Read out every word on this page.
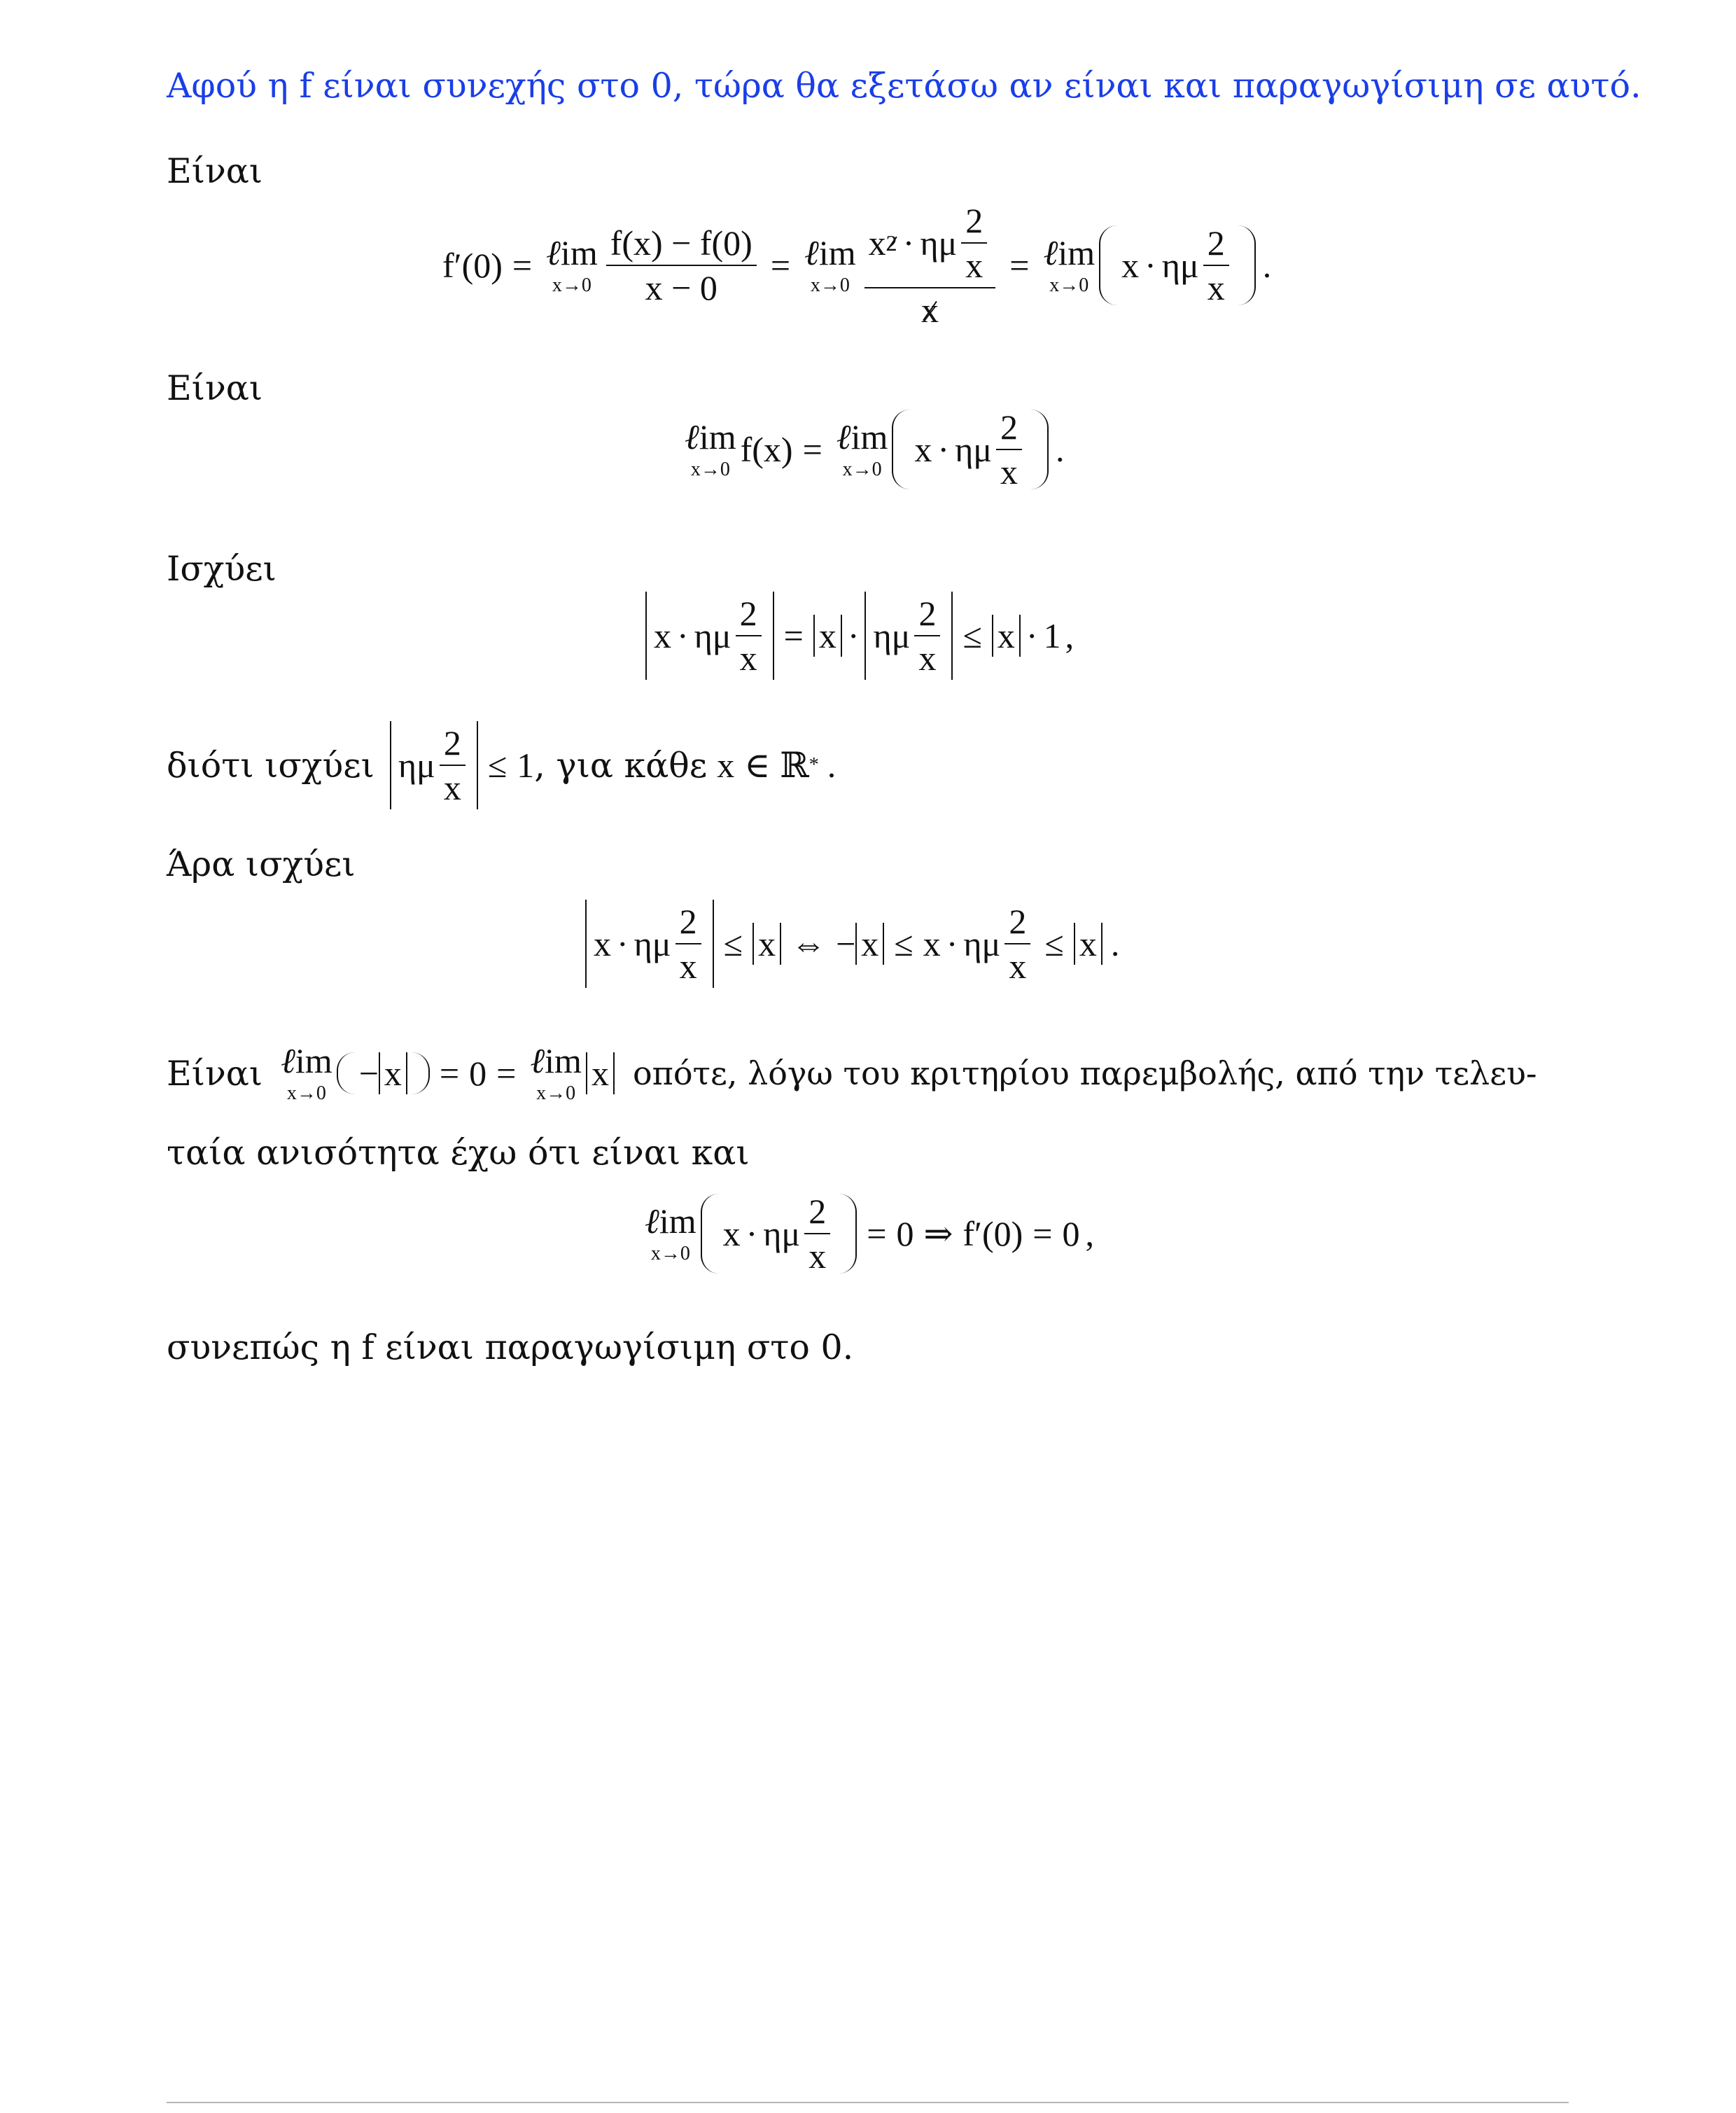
Αφού η f είναι συνεχής στο 0, τώρα θα εξετάσω αν είναι και παραγωγίσιμη σε αυτό.
Είναι
f′(0) = ℓim
$x\to 0 \frac{f(x) - f(0)}{x - 0}$ = ℓim
$x\to 0 \frac{x 2 \cdot \eta\mu \frac{2}{x}}{x}$ = ℓim
x→0
x · ημ $\frac{2}{x}$ .
Είναι
ℓim
x→0
f(x) = ℓim
x→0
x · ημ $\frac{2}{x}$ .
Ισχύει
x · ημ $\frac{2}{x} = x \cdot \eta\mu \frac{2}{x} \le x \cdot 1$ ,
διότι ισχύει ημ $\frac{2}{x} \le 1$ , για κάθε x ∈ ℝ * .
Άρα ισχύει
x · ημ $\frac{2}{x} \le x$ ⇔ − x ≤ x · ημ $\frac{2}{x} \le x$ .
Είναι ℓim
x→0
− x = 0 = ℓim
x→0
x οπότε, λόγω του κριτηρίου παρεμβολής, από την τελευ-
ταία ανισότητα έχω ότι είναι και
ℓim
x→0
x · ημ $\frac{2}{x} = 0$ ⇒ f′(0) = 0 ,
συνεπώς η f είναι παραγωγίσιμη στο 0.
